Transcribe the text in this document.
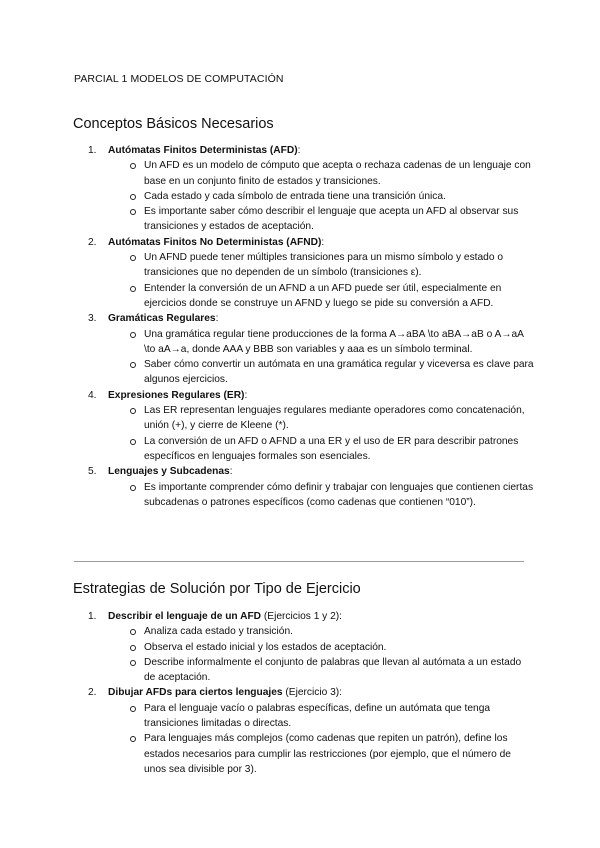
PARCIAL 1 MODELOS DE COMPUTACIÓN
Conceptos Básicos Necesarios
1. Autómatas Finitos Deterministas (AFD):
Un AFD es un modelo de cómputo que acepta o rechaza cadenas de un lenguaje con base en un conjunto finito de estados y transiciones.
Cada estado y cada símbolo de entrada tiene una transición única.
Es importante saber cómo describir el lenguaje que acepta un AFD al observar sus transiciones y estados de aceptación.
2. Autómatas Finitos No Deterministas (AFND):
Un AFND puede tener múltiples transiciones para un mismo símbolo y estado o transiciones que no dependen de un símbolo (transiciones ε).
Entender la conversión de un AFND a un AFD puede ser útil, especialmente en ejercicios donde se construye un AFND y luego se pide su conversión a AFD.
3. Gramáticas Regulares:
Una gramática regular tiene producciones de la forma A→aBA \to aBA→aB o A→aA \to aA→a, donde AAA y BBB son variables y aaa es un símbolo terminal.
Saber cómo convertir un autómata en una gramática regular y viceversa es clave para algunos ejercicios.
4. Expresiones Regulares (ER):
Las ER representan lenguajes regulares mediante operadores como concatenación, unión (+), y cierre de Kleene (*).
La conversión de un AFD o AFND a una ER y el uso de ER para describir patrones específicos en lenguajes formales son esenciales.
5. Lenguajes y Subcadenas:
Es importante comprender cómo definir y trabajar con lenguajes que contienen ciertas subcadenas o patrones específicos (como cadenas que contienen “010”).
Estrategias de Solución por Tipo de Ejercicio
1. Describir el lenguaje de un AFD (Ejercicios 1 y 2):
Analiza cada estado y transición.
Observa el estado inicial y los estados de aceptación.
Describe informalmente el conjunto de palabras que llevan al autómata a un estado de aceptación.
2. Dibujar AFDs para ciertos lenguajes (Ejercicio 3):
Para el lenguaje vacío o palabras específicas, define un autómata que tenga transiciones limitadas o directas.
Para lenguajes más complejos (como cadenas que repiten un patrón), define los estados necesarios para cumplir las restricciones (por ejemplo, que el número de unos sea divisible por 3).
